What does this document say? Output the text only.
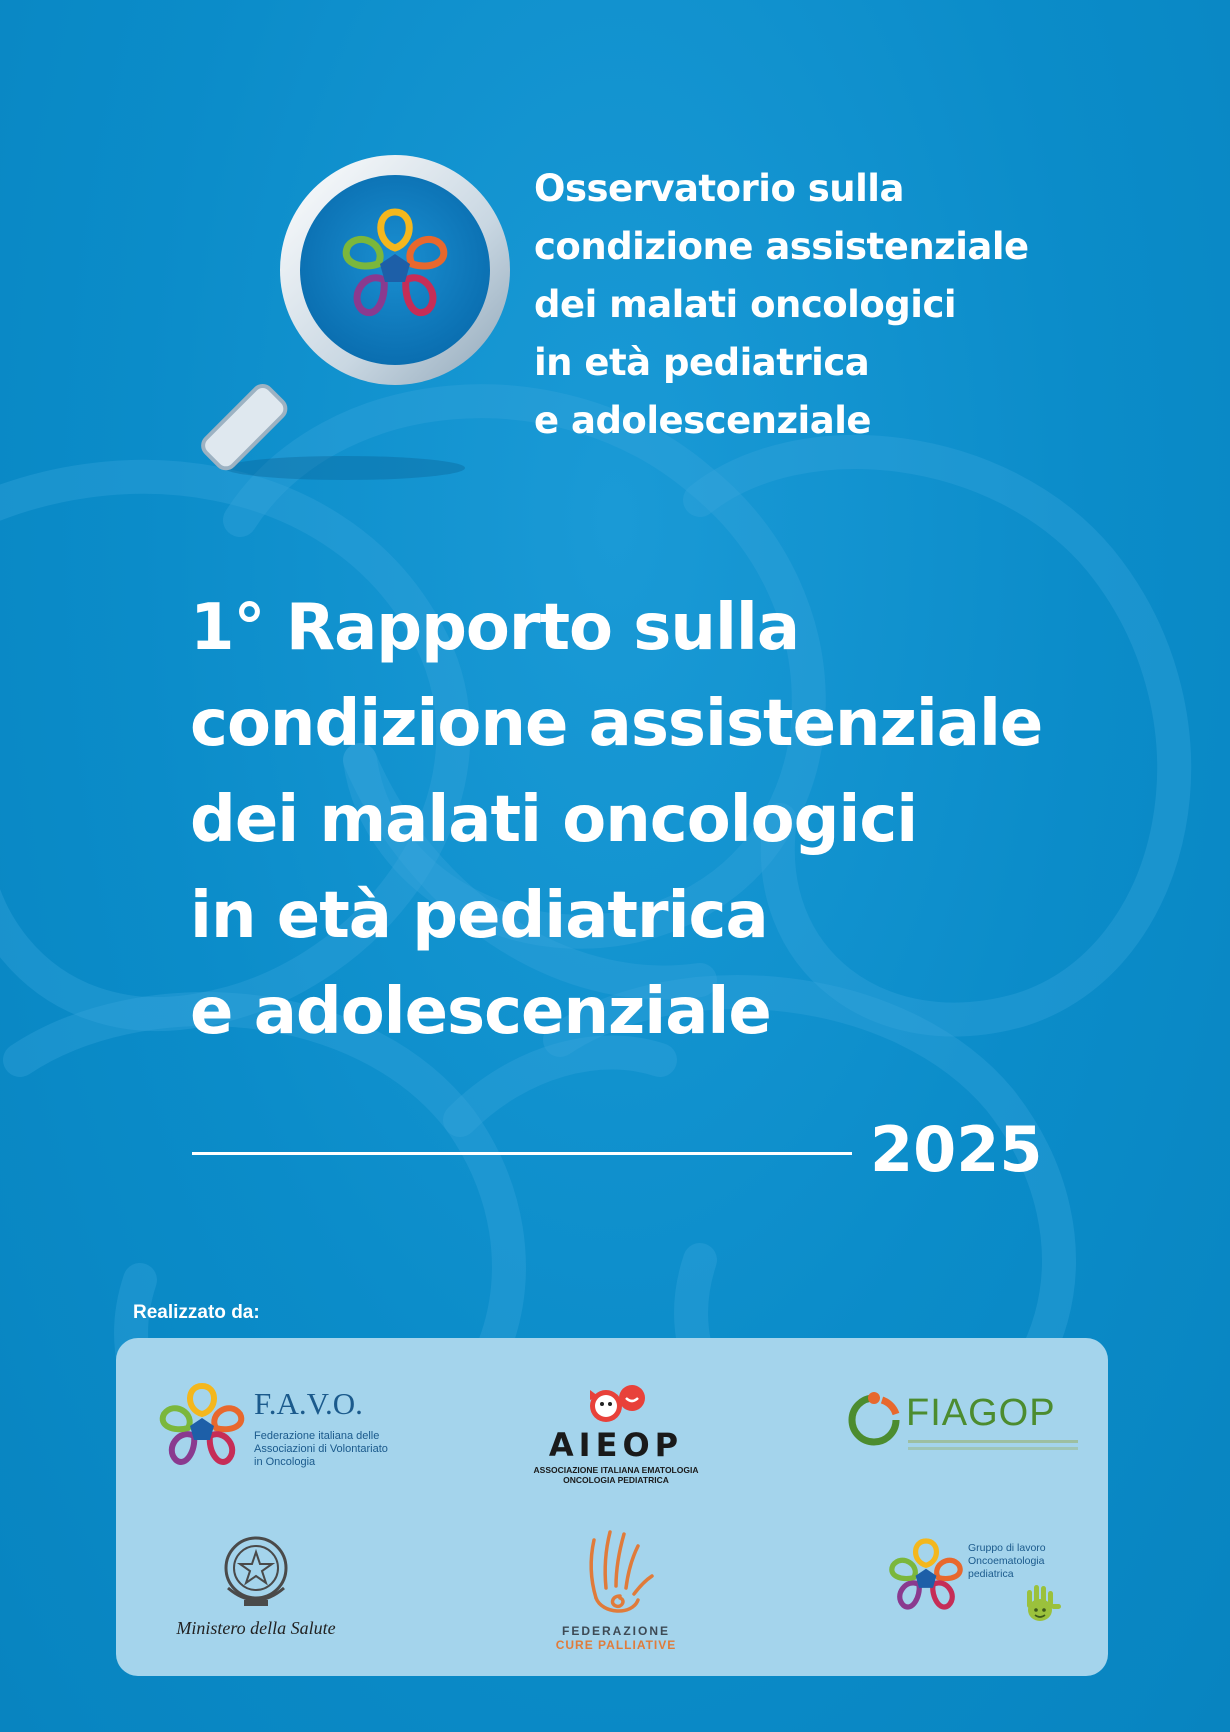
Osservatorio sulla
condizione assistenziale
dei malati oncologici
in età pediatrica
e adolescenziale
1° Rapporto sulla
condizione assistenziale
dei malati oncologici
in età pediatrica
e adolescenziale
2025
Realizzato da:
F.A.V.O.
Federazione italiana delle
Associazioni di Volontariato
in Oncologia	AIEOP
ASSOCIAZIONE ITALIANA EMATOLOGIA
ONCOLOGIA PEDIATRICA
FIAGOP
Ministero della Salute	FEDERAZIONE
CURE PALLIATIVE
Gruppo di lavoro
Oncoematologia
pediatrica
